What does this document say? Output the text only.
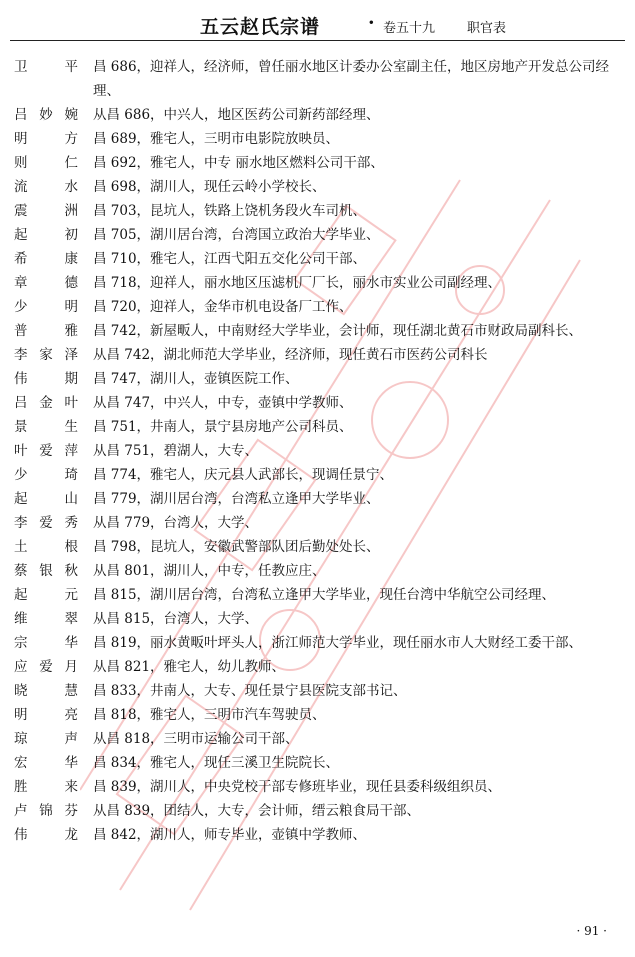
五云赵氏宗谱	· 卷五十九 职官表
卫平 昌 686，迎祥人，经济师，曾任丽水地区计委办公室副主任，地区房地产开发总公司经理、
吕妙婉 从昌 686，中兴人，地区医药公司新药部经理、
明方 昌 689，雅宅人，三明市电影院放映员、
则仁 昌 692，雅宅人，中专 丽水地区燃料公司干部、
流水 昌 698，湖川人，现任云岭小学校长、
震洲 昌 703，昆坑人，铁路上饶机务段火车司机、
起初 昌 705，湖川居台湾，台湾国立政治大学毕业、
希康 昌 710，雅宅人，江西弋阳五交化公司干部、
章德 昌 718，迎祥人，丽水地区压滤机厂厂长，丽水市实业公司副经理、
少明 昌 720，迎祥人，金华市机电设备厂工作、
普雅 昌 742，新屋畈人，中南财经大学毕业，会计师，现任湖北黄石市财政局副科长、
李家泽 从昌 742，湖北师范大学毕业，经济师，现任黄石市医药公司科长
伟期 昌 747，湖川人，壶镇医院工作、
吕金叶 从昌 747，中兴人，中专，壶镇中学教师、
景生 昌 751，井南人，景宁县房地产公司科员、
叶爱萍 从昌 751，碧湖人，大专、
少琦 昌 774，雅宅人，庆元县人武部长，现调任景宁、
起山 昌 779，湖川居台湾，台湾私立逢甲大学毕业、
李爱秀 从昌 779，台湾人，大学、
土根 昌 798，昆坑人，安徽武警部队团后勤处处长、
蔡银秋 从昌 801，湖川人，中专，任教应庄、
起元 昌 815，湖川居台湾，台湾私立逢甲大学毕业，现任台湾中华航空公司经理、
维翠 从昌 815，台湾人，大学、
宗华 昌 819，丽水黄畈叶坪头人，浙江师范大学毕业，现任丽水市人大财经工委干部、
应爱月 从昌 821，雅宅人，幼儿教师、
晓慧 昌 833，井南人，大专、现任景宁县医院支部书记、
明亮 昌 818，雅宅人，三明市汽车驾驶员、
琼声 从昌 818，三明市运输公司干部、
宏华 昌 834，雅宅人，现任三溪卫生院院长、
胜来 昌 839，湖川人，中央党校干部专修班毕业，现任县委科级组织员、
卢锦芬 从昌 839，团结人，大专，会计师，缙云粮食局干部、
伟龙 昌 842，湖川人，师专毕业，壶镇中学教师、
· 91 ·
